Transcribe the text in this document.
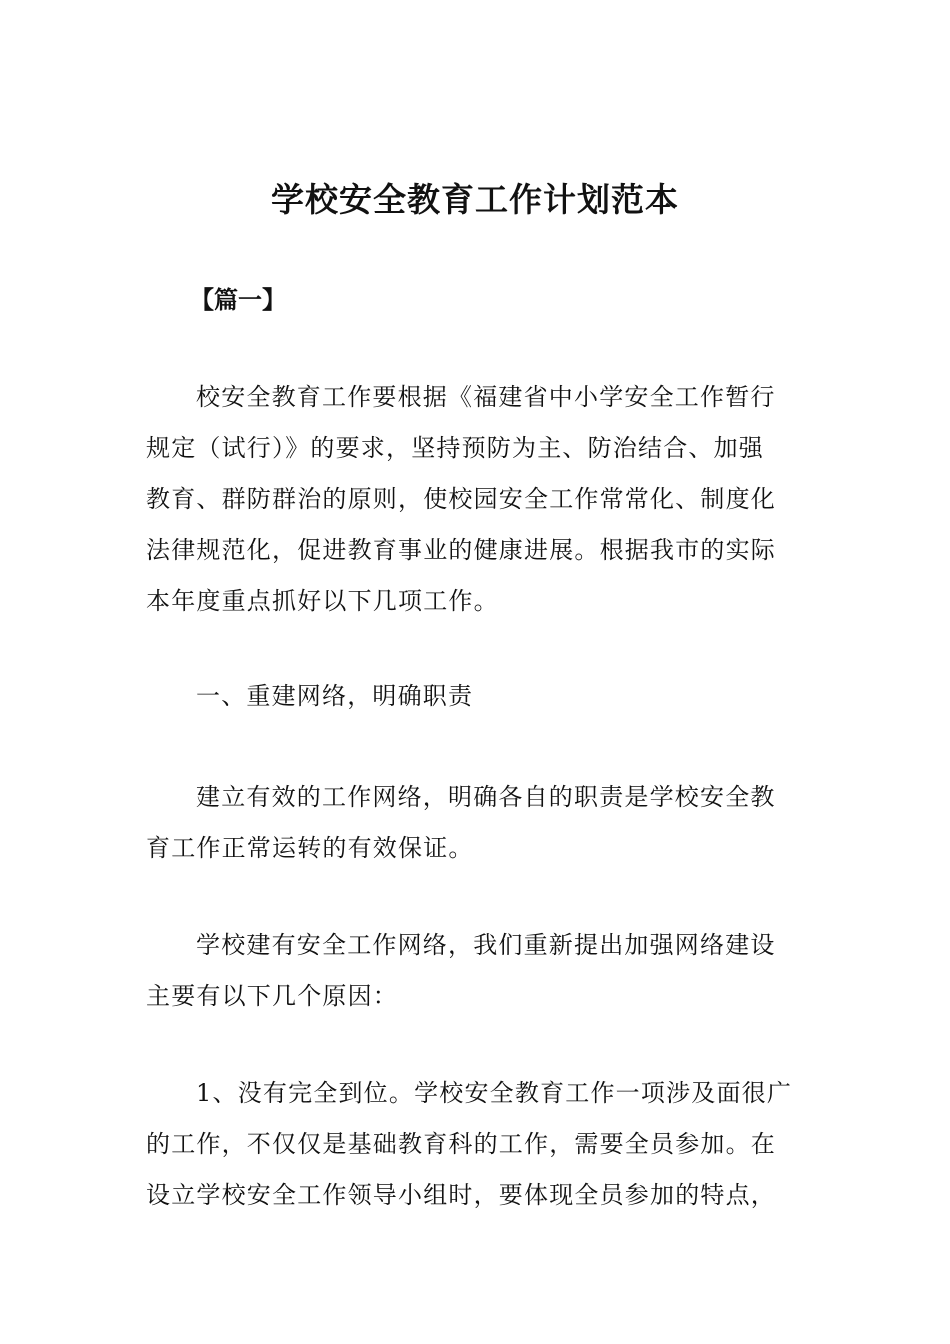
学校安全教育工作计划范本
【篇一】
校安全教育工作要根据《福建省中小学安全工作暂行
规定（试行）》的要求，坚持预防为主、防治结合、加强
教育、群防群治的原则，使校园安全工作常常化、制度化
法律规范化，促进教育事业的健康进展。根据我市的实际
本年度重点抓好以下几项工作。
一、重建网络，明确职责
建立有效的工作网络，明确各自的职责是学校安全教
育工作正常运转的有效保证。
学校建有安全工作网络，我们重新提出加强网络建设
主要有以下几个原因：
1、没有完全到位。学校安全教育工作一项涉及面很广
的工作，不仅仅是基础教育科的工作，需要全员参加。在
设立学校安全工作领导小组时，要体现全员参加的特点，
